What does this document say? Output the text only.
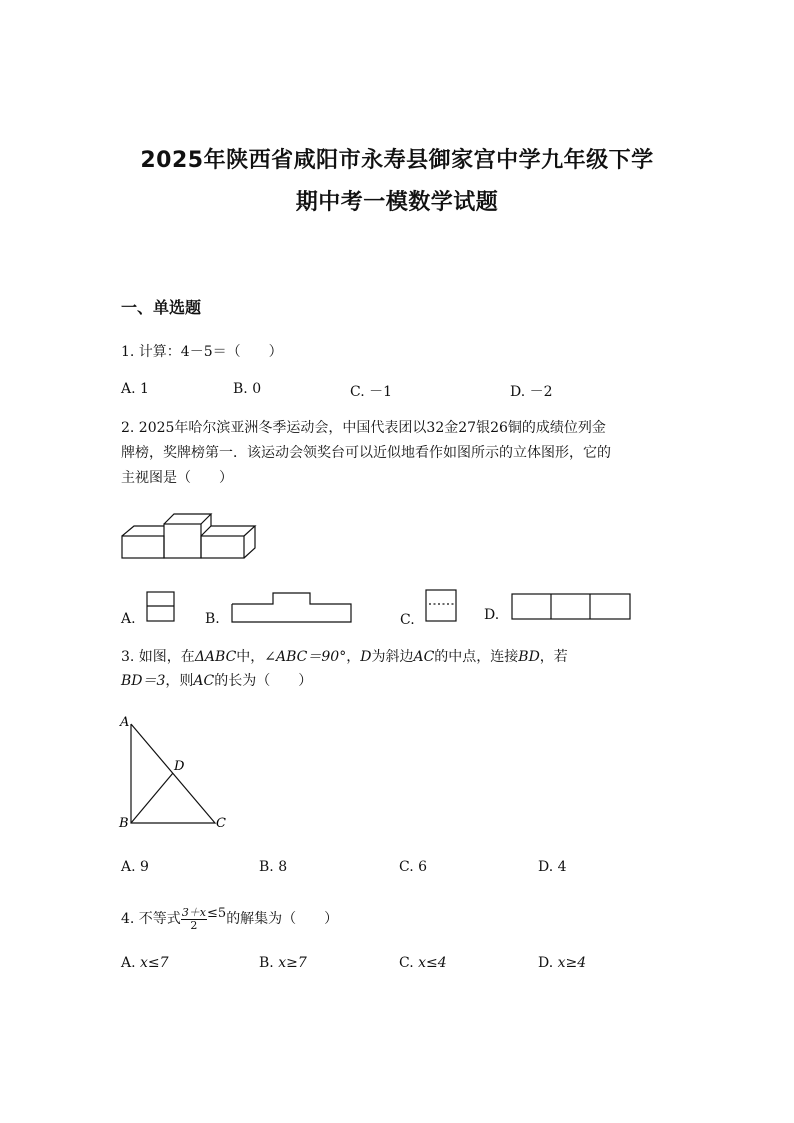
2025年陕西省咸阳市永寿县御家宫中学九年级下学
期中考一模数学试题
一、单选题
1. 计算：4－5＝（　　）
A. 1	B. 0	C. －1	D. －2
2. 2025年哈尔滨亚洲冬季运动会，中国代表团以32金27银26铜的成绩位列金
牌榜，奖牌榜第一．该运动会领奖台可以近似地看作如图所示的立体图形，它的
主视图是（　　）
A.	B.	C.	D.
3. 如图，在ΔABC中，∠ABC＝90°，D为斜边AC的中点，连接BD，若
BD＝3，则AC的长为（　　）
A
D
B	C
A. 9	B. 8	C. 6	D. 4
4. 不等式 $\frac{3+x}{2} \le 5$的解集为（　　）
A. x≤7	B. x≥7	C. x≤4	D. x≥4
